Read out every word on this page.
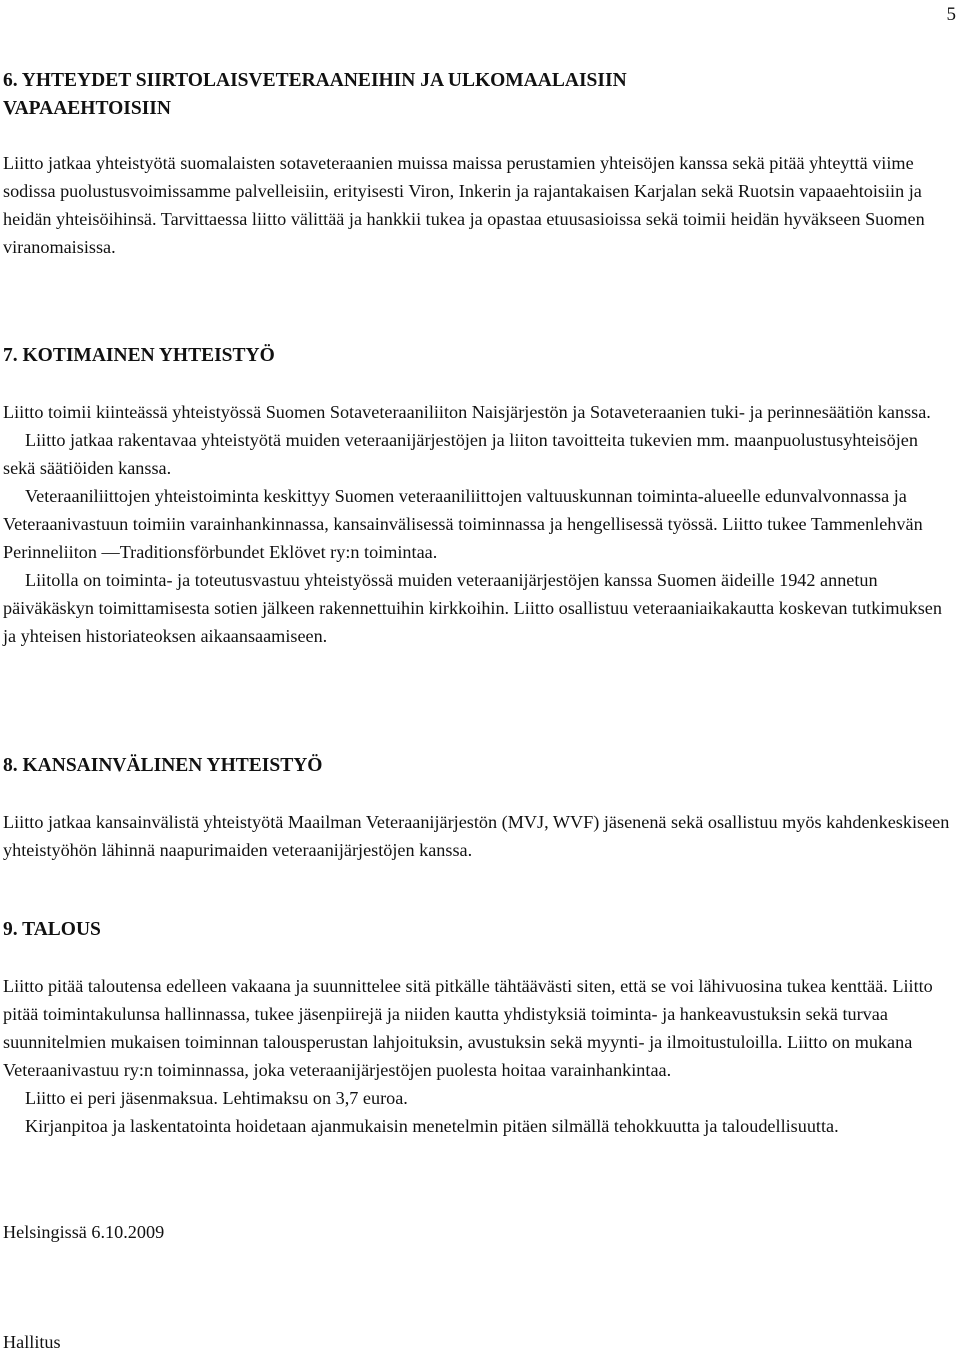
5
6. YHTEYDET SIIRTOLAISVETERAANEIHIN JA ULKOMAALAISIIN
VAPAAEHTOISIIN

Liitto jatkaa yhteistyötä suomalaisten sotaveteraanien muissa maissa perustamien yhteisöjen kanssa sekä pitää yhteyttä viime sodissa puolustusvoimissamme palvelleisiin, erityisesti Viron, Inkerin ja rajantakaisen Karjalan sekä Ruotsin vapaaehtoisiin ja heidän yhteisöihinsä. Tarvittaessa liitto välittää ja hankkii tukea ja opastaa etuusasioissa sekä toimii heidän hyväkseen Suomen viranomaisissa.

7. KOTIMAINEN YHTEISTYÖ

Liitto toimii kiinteässä yhteistyössä Suomen Sotaveteraaniliiton Naisjärjestön ja Sotaveteraanien tuki- ja perinnesäätiön kanssa.

Liitto jatkaa rakentavaa yhteistyötä muiden veteraanijärjestöjen ja liiton tavoitteita tukevien mm. maanpuolustusyhteisöjen sekä säätiöiden kanssa.

Veteraaniliittojen yhteistoiminta keskittyy Suomen veteraaniliittojen valtuuskunnan toiminta-alueelle edunvalvonnassa ja Veteraanivastuun toimiin varainhankinnassa, kansainvälisessä toiminnassa ja hengellisessä työssä. Liitto tukee Tammenlehvän Perinneliiton —Traditionsförbundet Eklövet ry:n toimintaa.

Liitolla on toiminta- ja toteutusvastuu yhteistyössä muiden veteraanijärjestöjen kanssa Suomen äideille 1942 annetun päiväkäskyn toimittamisesta sotien jälkeen rakennettuihin kirkkoihin. Liitto osallistuu veteraaniaikakautta koskevan tutkimuksen ja yhteisen historiateoksen aikaansaamiseen.

8. KANSAINVÄLINEN YHTEISTYÖ

Liitto jatkaa kansainvälistä yhteistyötä Maailman Veteraanijärjestön (MVJ, WVF) jäsenenä sekä osallistuu myös kahdenkeskiseen yhteistyöhön lähinnä naapurimaiden veteraanijärjestöjen kanssa.

9. TALOUS

Liitto pitää taloutensa edelleen vakaana ja suunnittelee sitä pitkälle tähtäävästi siten, että se voi lähivuosina tukea kenttää. Liitto pitää toimintakulunsa hallinnassa, tukee jäsenpiirejä ja niiden kautta yhdistyksiä toiminta- ja hankeavustuksin sekä turvaa suunnitelmien mukaisen toiminnan talousperustan lahjoituksin, avustuksin sekä myynti- ja ilmoitustuloilla. Liitto on mukana Veteraanivastuu ry:n toiminnassa, joka veteraanijärjestöjen puolesta hoitaa varainhankintaa.

Liitto ei peri jäsenmaksua. Lehtimaksu on 3,7 euroa.

Kirjanpitoa ja laskentatointa hoidetaan ajanmukaisin menetelmin pitäen silmällä tehokkuutta ja taloudellisuutta.

Helsingissä 6.10.2009
Hallitus
